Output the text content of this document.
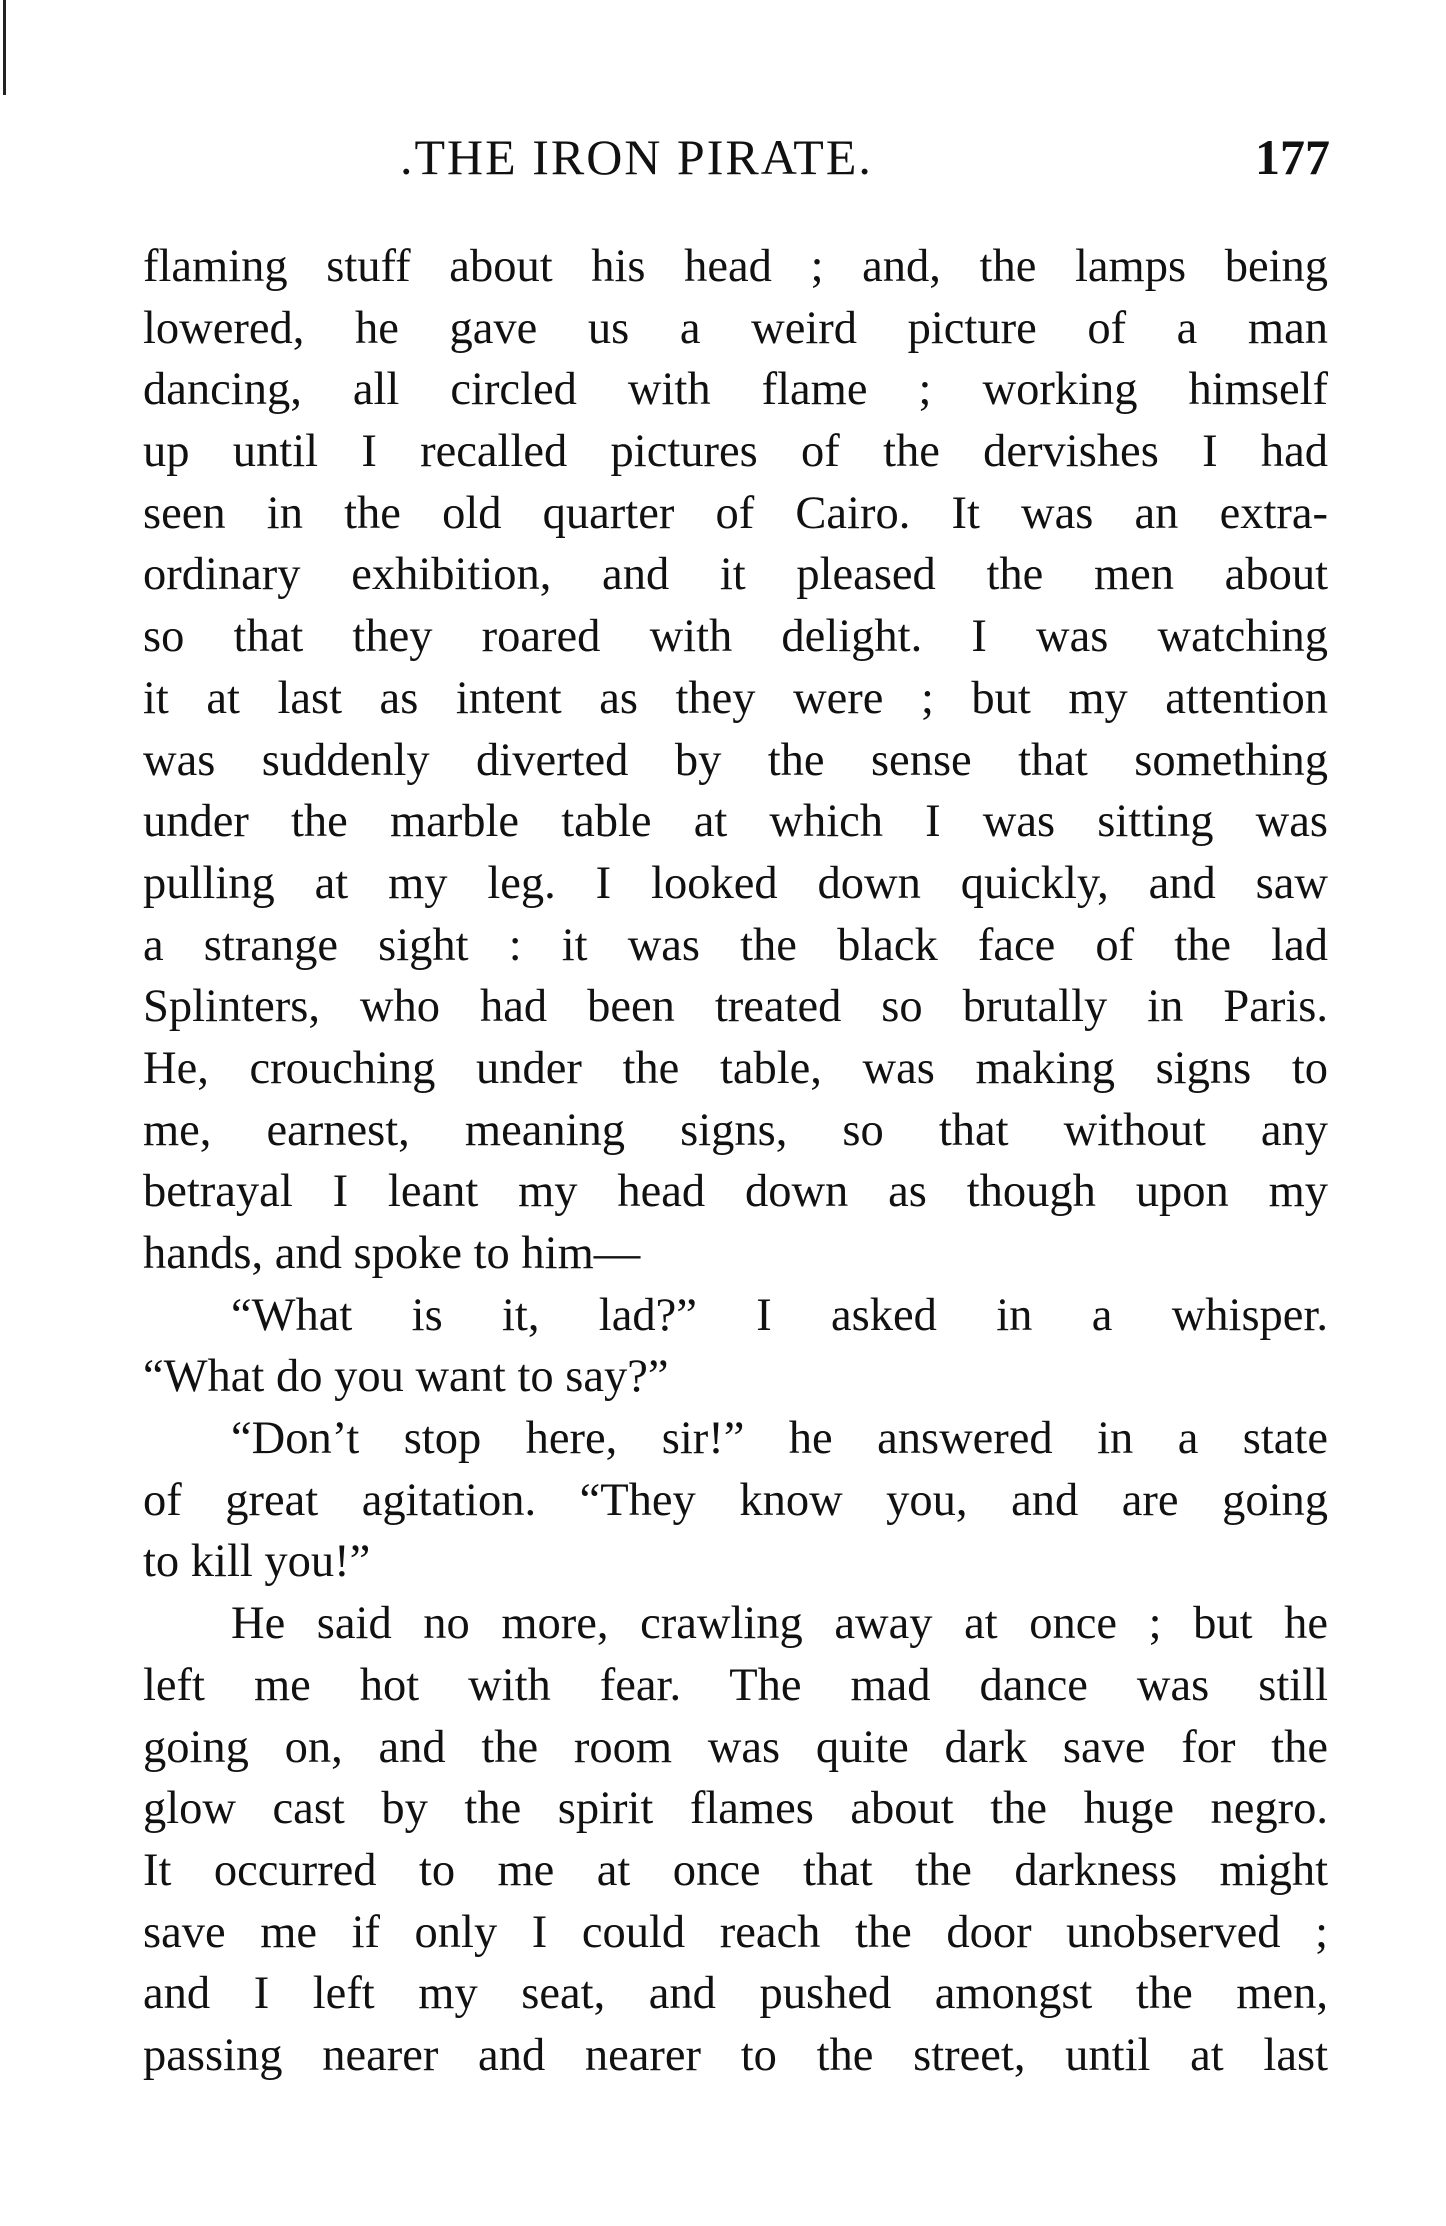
.THE IRON PIRATE.	177
flaming stuff about his head ; and, the lamps being
lowered, he gave us a weird picture of a man
dancing, all circled with flame ; working himself
up until I recalled pictures of the dervishes I had
seen in the old quarter of Cairo. It was an extra-
ordinary exhibition, and it pleased the men about
so that they roared with delight. I was watching
it at last as intent as they were ; but my attention
was suddenly diverted by the sense that something
under the marble table at which I was sitting was
pulling at my leg. I looked down quickly, and saw
a strange sight : it was the black face of the lad
Splinters, who had been treated so brutally in Paris.
He, crouching under the table, was making signs to
me, earnest, meaning signs, so that without any
betrayal I leant my head down as though upon my
hands, and spoke to him—
“What is it, lad?” I asked in a whisper.
“What do you want to say?”
“Don’t stop here, sir!” he answered in a state
of great agitation. “They know you, and are going
to kill you!”
He said no more, crawling away at once ; but he
left me hot with fear. The mad dance was still
going on, and the room was quite dark save for the
glow cast by the spirit flames about the huge negro.
It occurred to me at once that the darkness might
save me if only I could reach the door unobserved ;
and I left my seat, and pushed amongst the men,
passing nearer and nearer to the street, until at last
